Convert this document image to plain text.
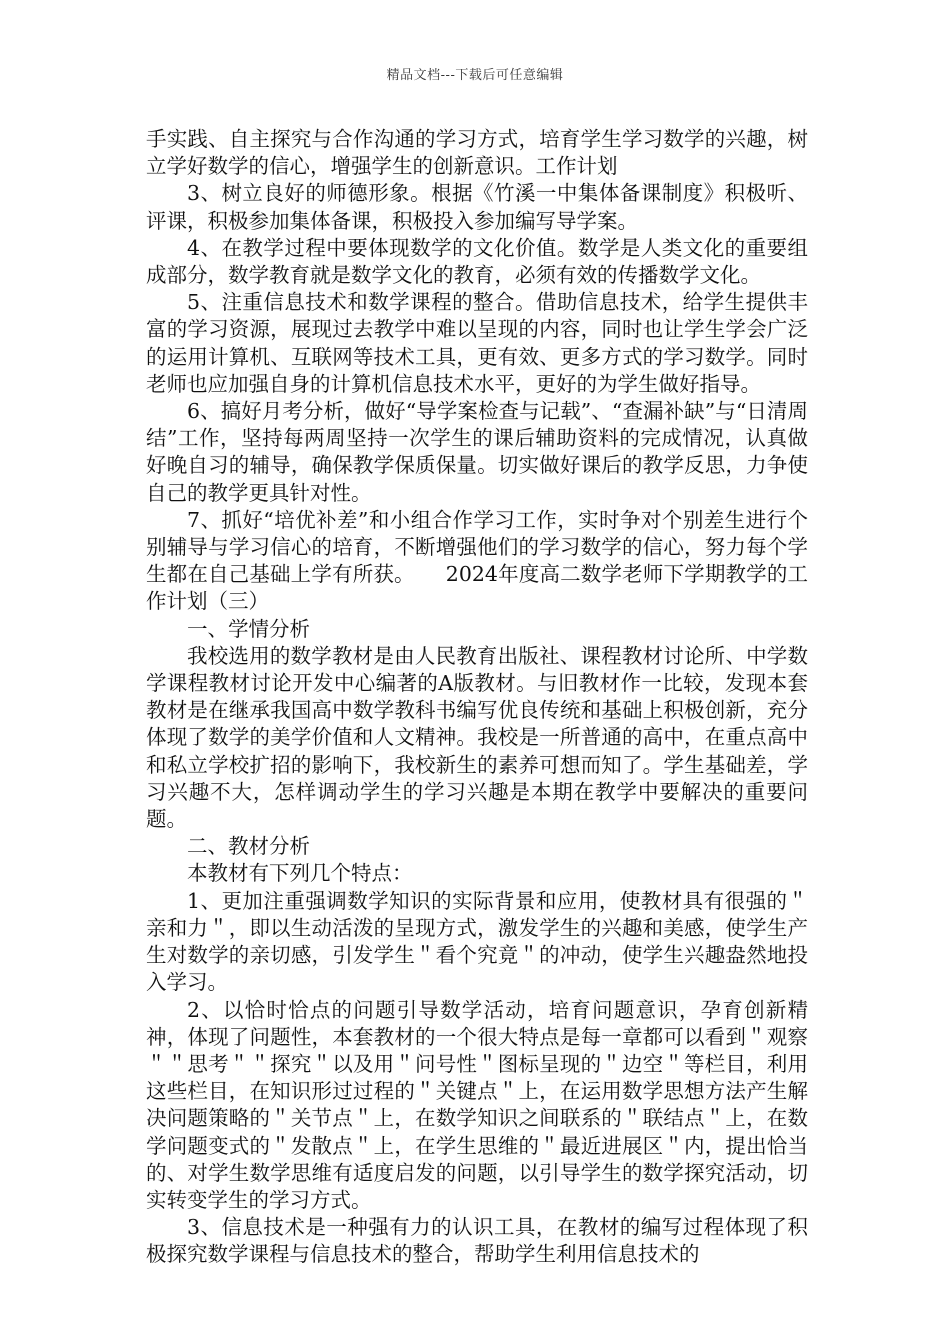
精品文档---下载后可任意编辑

手实践、自主探究与合作沟通的学习方式，培育学生学习数学的兴趣，树立学好数学的信心，增强学生的创新意识。工作计划

3、树立良好的师德形象。根据《竹溪一中集体备课制度》积极听、评课，积极参加集体备课，积极投入参加编写导学案。

4、在教学过程中要体现数学的文化价值。数学是人类文化的重要组成部分，数学教育就是数学文化的教育，必须有效的传播数学文化。

5、注重信息技术和数学课程的整合。借助信息技术，给学生提供丰富的学习资源，展现过去教学中难以呈现的内容，同时也让学生学会广泛的运用计算机、互联网等技术工具，更有效、更多方式的学习数学。同时老师也应加强自身的计算机信息技术水平，更好的为学生做好指导。

6、搞好月考分析，做好“导学案检查与记载”、“查漏补缺”与“日清周结”工作，坚持每两周坚持一次学生的课后辅助资料的完成情况，认真做好晚自习的辅导，确保教学保质保量。切实做好课后的教学反思，力争使自己的教学更具针对性。

7、抓好“培优补差”和小组合作学习工作，实时争对个别差生进行个别辅导与学习信心的培育，不断增强他们的学习数学的信心，努力每个学生都在自己基础上学有所获。　　2024年度高二数学老师下学期教学的工作计划（三）

一、学情分析

我校选用的数学教材是由人民教育出版社、课程教材讨论所、中学数学课程教材讨论开发中心编著的A版教材。与旧教材作一比较，发现本套教材是在继承我国高中数学教科书编写优良传统和基础上积极创新，充分体现了数学的美学价值和人文精神。我校是一所普通的高中，在重点高中和私立学校扩招的影响下，我校新生的素养可想而知了。学生基础差，学习兴趣不大，怎样调动学生的学习兴趣是本期在教学中要解决的重要问题。

二、教材分析

本教材有下列几个特点：

1、更加注重强调数学知识的实际背景和应用，使教材具有很强的＂亲和力＂，即以生动活泼的呈现方式，激发学生的兴趣和美感，使学生产生对数学的亲切感，引发学生＂看个究竟＂的冲动，使学生兴趣盎然地投入学习。

2、以恰时恰点的问题引导数学活动，培育问题意识，孕育创新精神，体现了问题性，本套教材的一个很大特点是每一章都可以看到＂观察＂＂思考＂＂探究＂以及用＂问号性＂图标呈现的＂边空＂等栏目，利用这些栏目，在知识形过过程的＂关键点＂上，在运用数学思想方法产生解决问题策略的＂关节点＂上，在数学知识之间联系的＂联结点＂上，在数学问题变式的＂发散点＂上，在学生思维的＂最近进展区＂内，提出恰当的、对学生数学思维有适度启发的问题，以引导学生的数学探究活动，切实转变学生的学习方式。

3、信息技术是一种强有力的认识工具，在教材的编写过程体现了积极探究数学课程与信息技术的整合，帮助学生利用信息技术的
